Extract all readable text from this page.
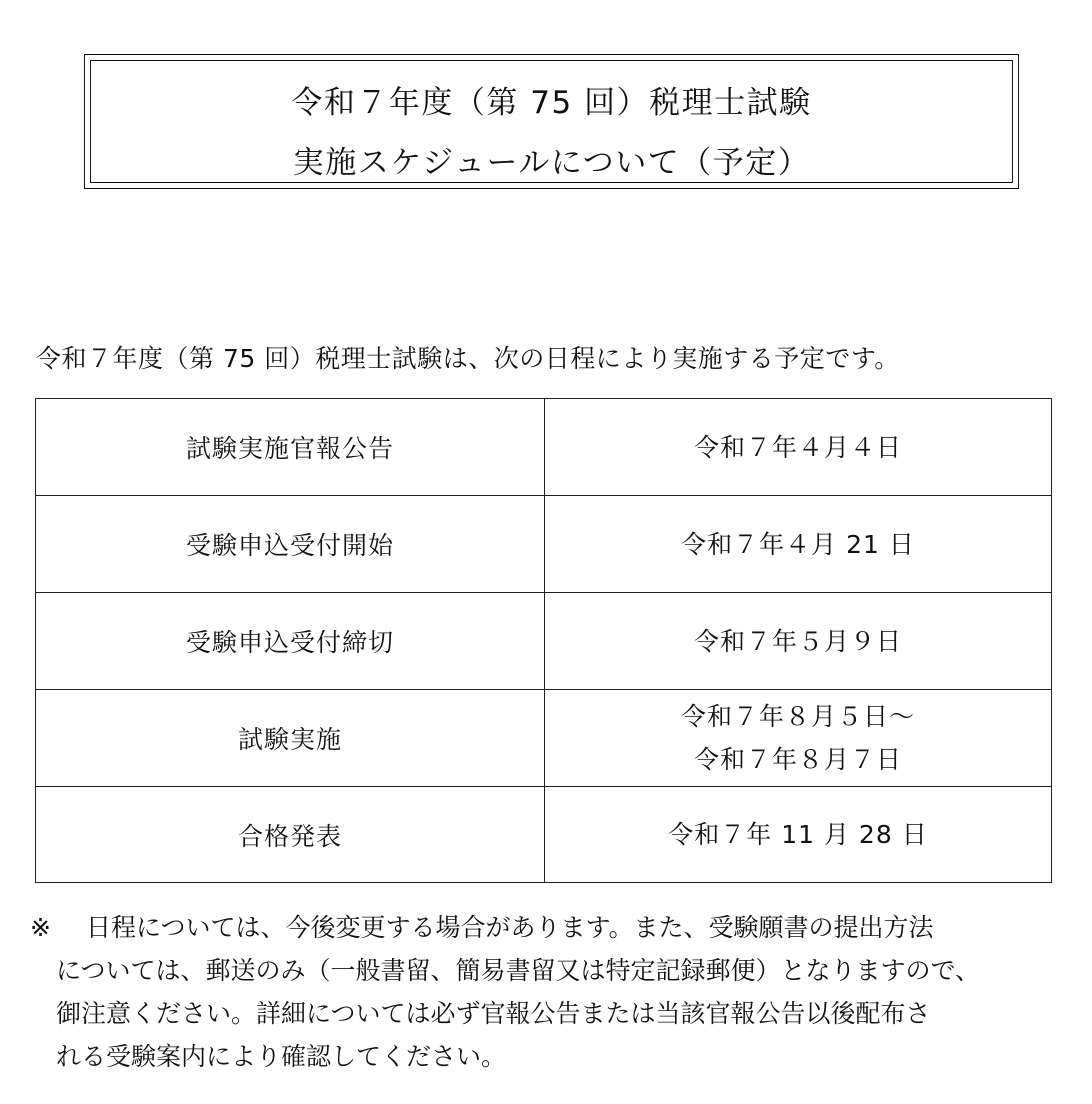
令和７年度（第 75 回）税理士試験
実施スケジュールについて（予定）
令和７年度（第 75 回）税理士試験は、次の日程により実施する予定です。
試験実施官報公告	令和７年４月４日

受験申込受付開始	令和７年４月 21 日

受験申込受付締切	令和７年５月９日

試験実施	令和７年８月５日～
令和７年８月７日

合格発表	令和７年 11 月 28 日
※ 日程については、今後変更する場合があります。また、受験願書の提出方法
については、郵送のみ（一般書留、簡易書留又は特定記録郵便）となりますので、
御注意ください。詳細については必ず官報公告または当該官報公告以後配布さ
れる受験案内により確認してください。
